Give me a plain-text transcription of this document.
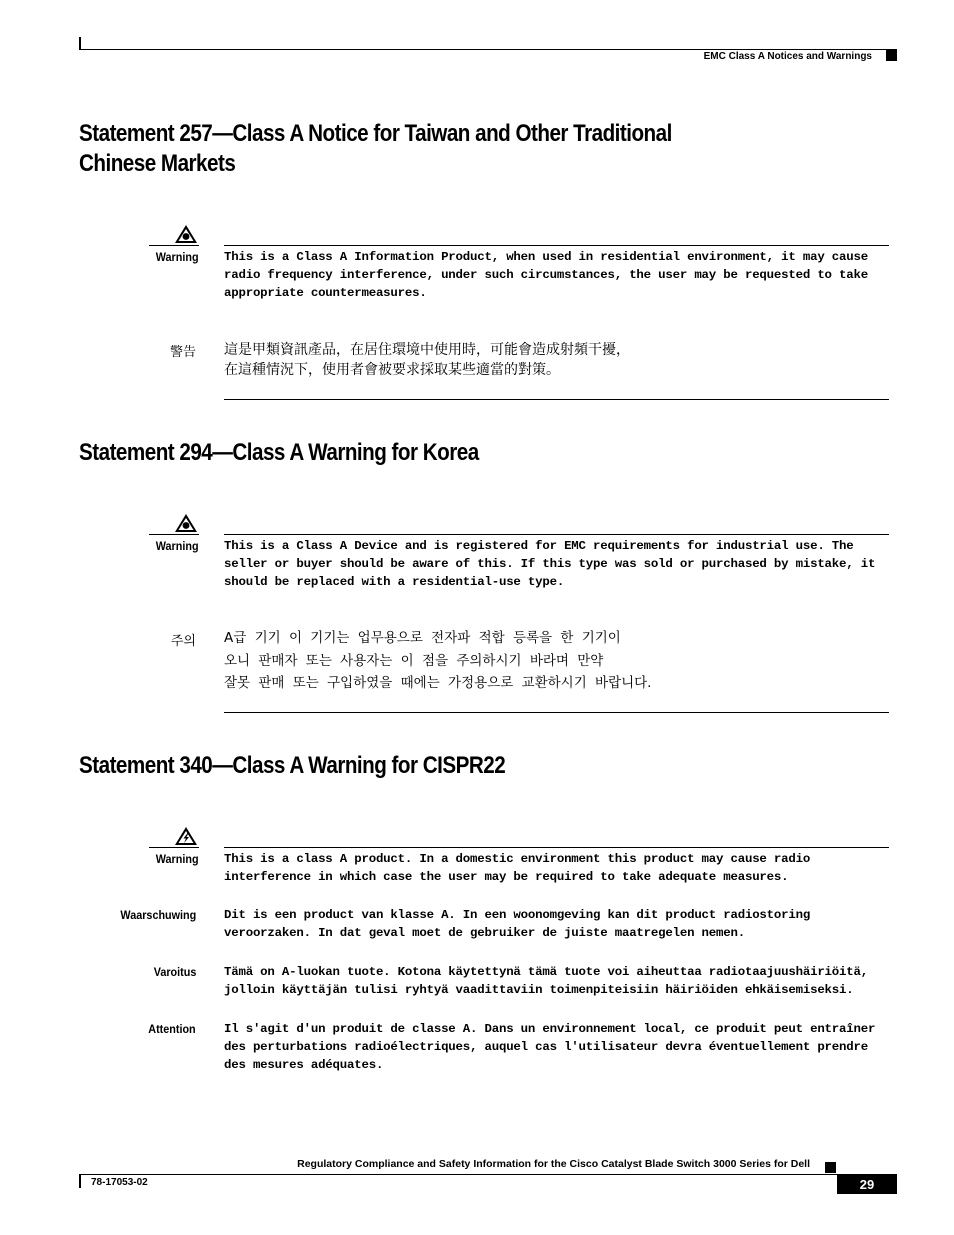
EMC Class A Notices and Warnings
Statement 257—Class A Notice for Taiwan and Other Traditional
Chinese Markets
Warning This is a Class A Information Product, when used in residential environment, it may cause radio frequency interference, under such circumstances, the user may be requested to take appropriate countermeasures.
警告 這是甲類資訊產品，在居住環境中使用時，可能會造成射頻干擾，
在這種情況下，使用者會被要求採取某些適當的對策。
Statement 294—Class A Warning for Korea
Warning This is a Class A Device and is registered for EMC requirements for industrial use. The seller or buyer should be aware of this. If this type was sold or purchased by mistake, it should be replaced with a residential-use type.
주의 A급 기기 이 기기는 업무용으로 전자파 적합 등록을 한 기기이
오니 판매자 또는 사용자는 이 점을 주의하시기 바라며 만약
잘못 판매 또는 구입하였을 때에는 가정용으로 교환하시기 바랍니다.
Statement 340—Class A Warning for CISPR22
Warning This is a class A product. In a domestic environment this product may cause radio interference in which case the user may be required to take adequate measures.
Waarschuwing Dit is een product van klasse A. In een woonomgeving kan dit product radiostoring veroorzaken. In dat geval moet de gebruiker de juiste maatregelen nemen.
Varoitus Tämä on A-luokan tuote. Kotona käytettynä tämä tuote voi aiheuttaa radiotaajuushäiriöitä, jolloin käyttäjän tulisi ryhtyä vaadittaviin toimenpiteisiin häiriöiden ehkäisemiseksi.
Attention Il s'agit d'un produit de classe A. Dans un environnement local, ce produit peut entraîner des perturbations radioélectriques, auquel cas l'utilisateur devra éventuellement prendre des mesures adéquates.
Regulatory Compliance and Safety Information for the Cisco Catalyst Blade Switch 3000 Series for Dell
78-17053-02	29
